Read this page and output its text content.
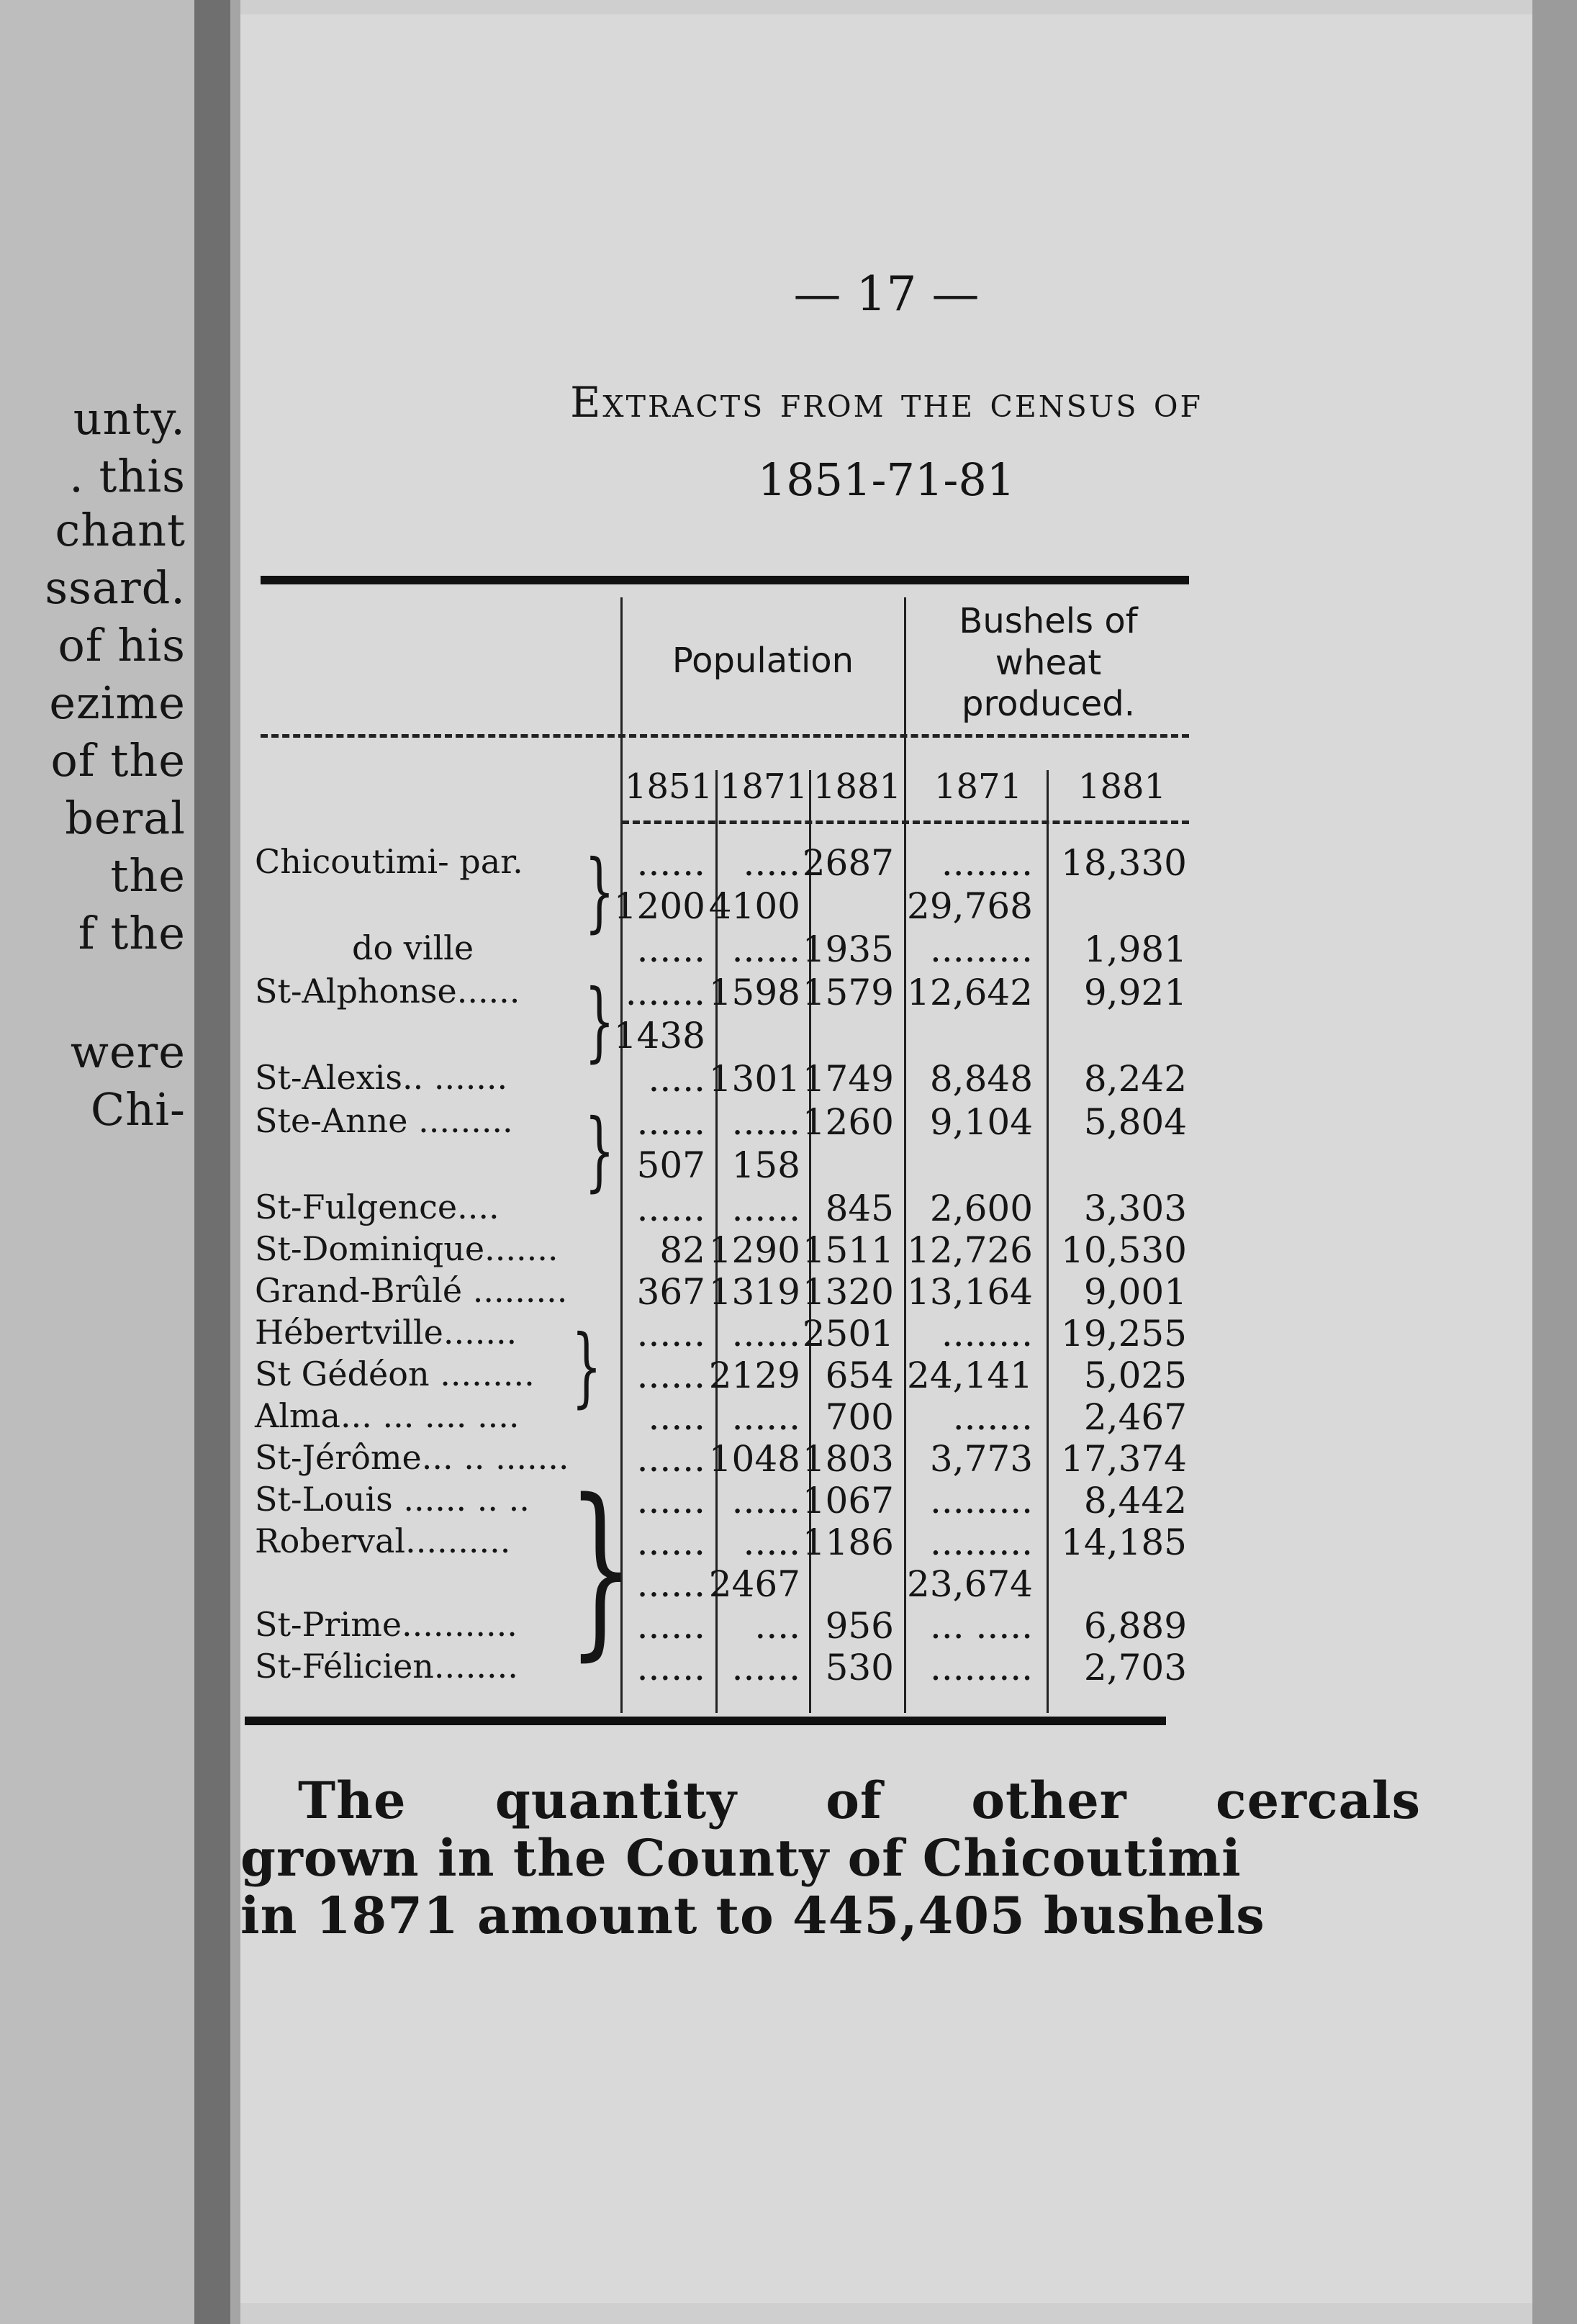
unty.
. this
chant
ssard.
of his
ezime
of the
beral
the
f the
were
Chi-
— 17 —
Extracts from the census of
1851-71-81
Population
Bushels of
wheat
produced.
1851 1871 1881 1871 1881
Chicoutimi- par.
do ville
St-Alphonse......
St-Alexis.. .......
Ste-Anne .........
St-Fulgence....
St-Dominique.......
Grand-Brûlé .........
Hébertville.......
St Gédéon .........
Alma... ... .... ....
St-Jérôme... .. .......
St-Louis ...... .. ..
Roberval..........
St-Prime...........
St-Félicien........
}
}
}
}
}
...... ..... 2687 ........ 18,330
1200 4100	29,768
...... ...... 1935 ......... 1,981
....... 1598 1579 12,642 9,921
1438
..... 1301 1749 8,848 8,242
...... ...... 1260 9,104 5,804
507 158
...... ...... 845 2,600 3,303
82 1290 1511 12,726 10,530
367 1319 1320 13,164 9,001
...... ...... 2501 ........ 19,255
...... 2129 654 24,141 5,025
..... ...... 700 ....... 2,467
...... 1048 1803 3,773 17,374
...... ...... 1067 ......... 8,442
...... ..... 1186 ......... 14,185
...... 2467	23,674
...... .... 956 ... ..... 6,889
...... ...... 530 ......... 2,703
The quantity of other cercals
grown in the County of Chicoutimi
in 1871 amount to 445,405 bushels
